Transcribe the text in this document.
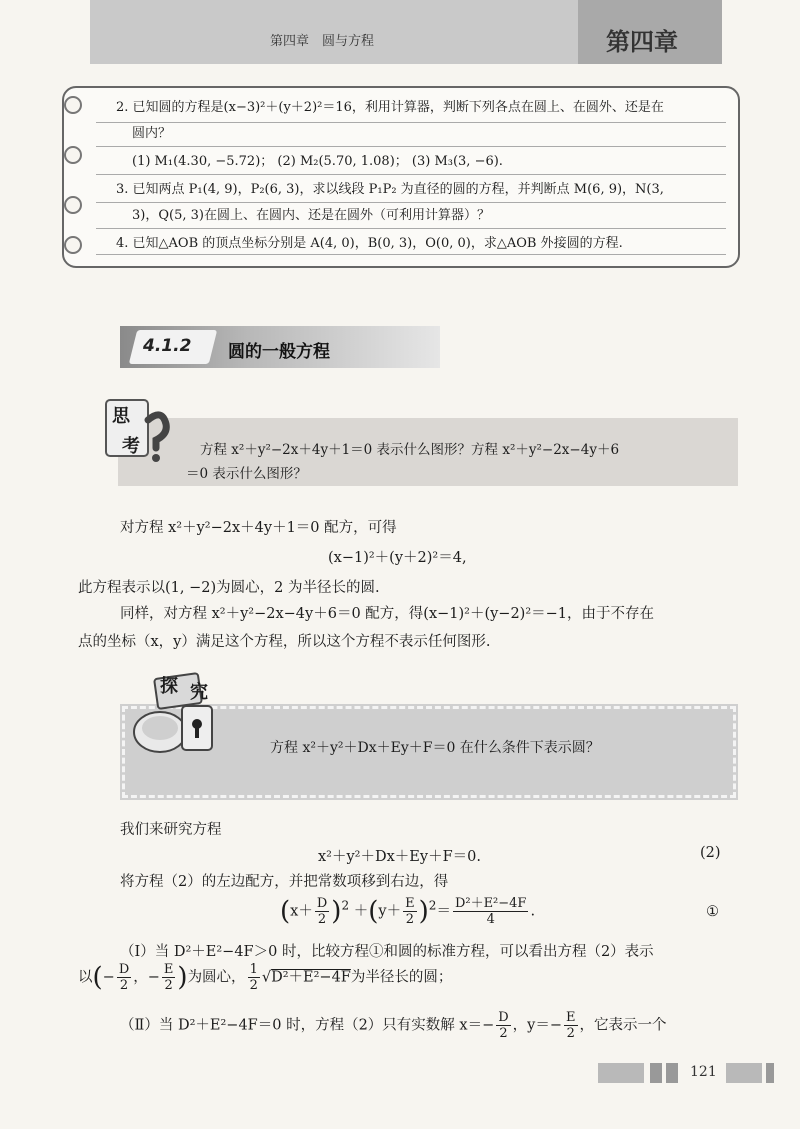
第四章　圆与方程	第四章
2. 已知圆的方程是(x−3)²＋(y＋2)²＝16，利用计算器，判断下列各点在圆上、在圆外、还是在
圆内？
(1) M₁(4.30, −5.72)； (2) M₂(5.70, 1.08)； (3) M₃(3, −6).
3. 已知两点 P₁(4, 9)，P₂(6, 3)，求以线段 P₁P₂ 为直径的圆的方程，并判断点 M(6, 9)，N(3,
3)，Q(5, 3)在圆上、在圆内、还是在圆外（可利用计算器）？
4. 已知△AOB 的顶点坐标分别是 A(4, 0)，B(0, 3)，O(0, 0)，求△AOB 外接圆的方程.
4.1.2 圆的一般方程
思
考	方程 x²＋y²−2x＋4y＋1＝0 表示什么图形？方程 x²＋y²−2x−4y＋6
＝0 表示什么图形？
对方程 x²＋y²−2x＋4y＋1＝0 配方，可得
(x−1)²＋(y＋2)²＝4,
此方程表示以(1, −2)为圆心，2 为半径长的圆.
同样，对方程 x²＋y²−2x−4y＋6＝0 配方，得(x−1)²＋(y−2)²＝−1，由于不存在
点的坐标（x，y）满足这个方程，所以这个方程不表示任何图形.
探 究
方程 x²＋y²＋Dx＋Ey＋F＝0 在什么条件下表示圆？
我们来研究方程
x²＋y²＋Dx＋Ey＋F＝0.	(2)
将方程（2）的左边配方，并把常数项移到右边，得
$(x+ \frac{D}{2} )^2 +(y+ \frac{E}{2} )^2= \frac{\text{D²＋E²−4F}}{4}$ .	①
（Ⅰ）当 D²＋E²−4F＞0 时，比较方程①和圆的标准方程，可以看出方程（2）表示
以(− $\frac{D}{2}$ ，− $\frac{E}{2}$ )为圆心， $\frac{1}{2} √D^2+E^2-4F$为半径长的圆；
（Ⅱ）当 D²＋E²−4F＝0 时，方程（2）只有实数解 $x=- \frac{D}{2}$ ，$y=- \frac{E}{2}$ ，它表示一个
121
